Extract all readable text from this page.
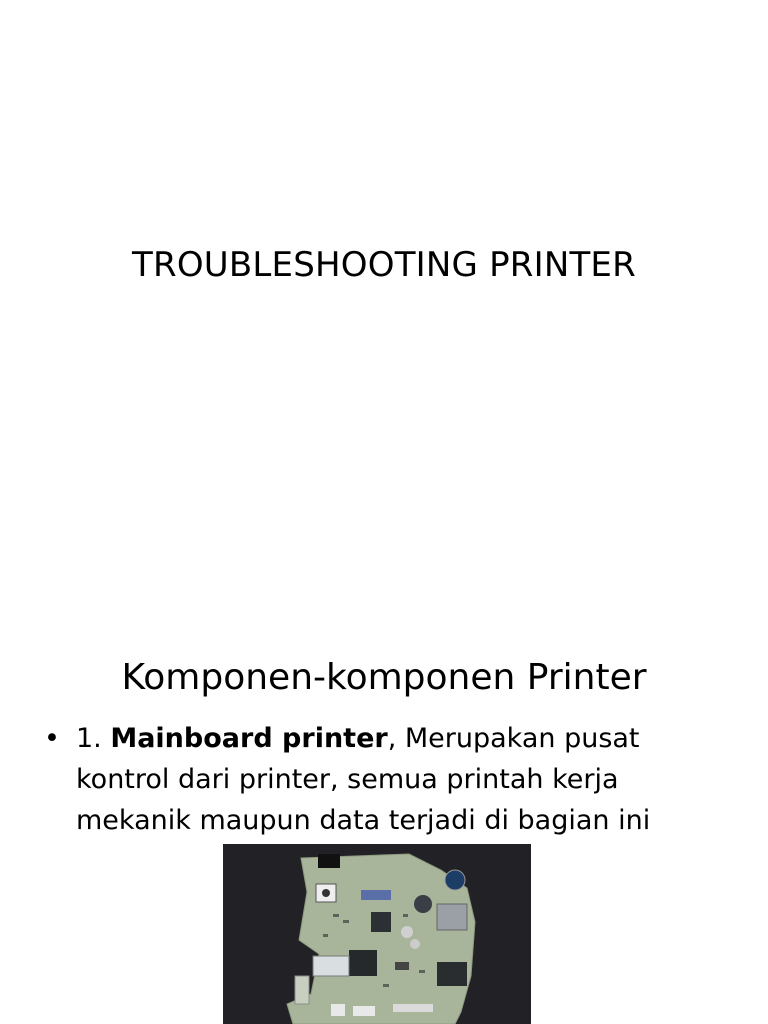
TROUBLESHOOTING PRINTER
Komponen-komponen Printer
• 1. Mainboard printer, Merupakan pusat kontrol dari printer, semua printah kerja mekanik maupun data terjadi di bagian ini
